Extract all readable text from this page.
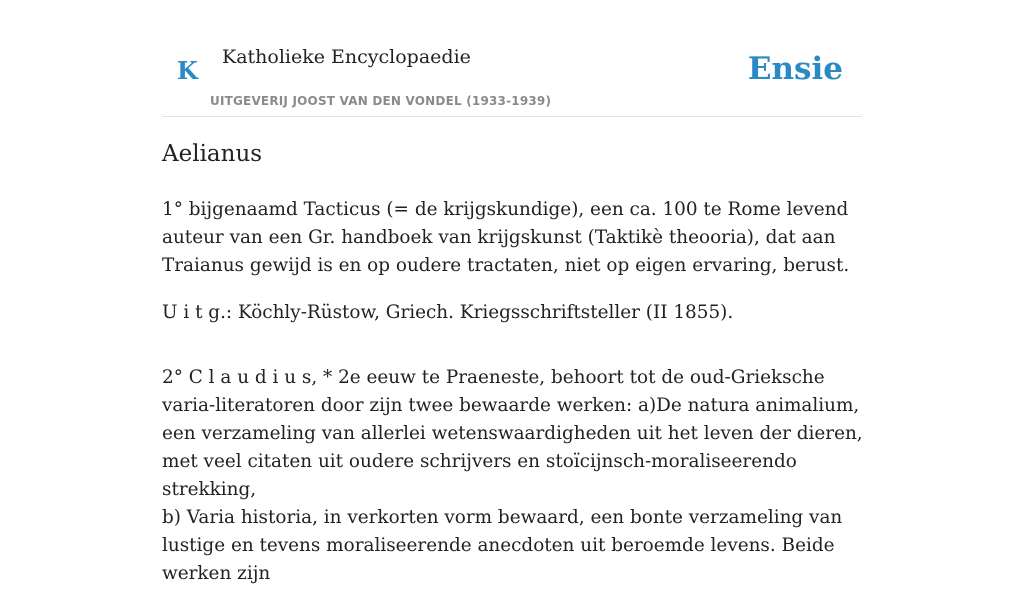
K Katholieke Encyclopaedie
UITGEVERIJ JOOST VAN DEN VONDEL (1933-1939)
Ensie
Aelianus

1° bijgenaamd Tacticus (= de krijgskundige), een ca. 100 te Rome levend auteur van een Gr. handboek van krijgskunst (Taktikè theooria), dat aan Traianus gewijd is en op oudere tractaten, niet op eigen ervaring, berust.

U i t g.: Köchly-Rüstow, Griech. Kriegsschriftsteller (II 1855).

2° C l a u d i u s, * 2e eeuw te Praeneste, behoort tot de oud-Grieksche varia-literatoren door zijn twee bewaarde werken: a)De natura animalium, een verzameling van allerlei wetenswaardigheden uit het leven der dieren, met veel citaten uit oudere schrijvers en stoïcijnsch-moraliseerendo strekking,

b) Varia historia, in verkorten vorm bewaard, een bonte verzameling van lustige en tevens moraliseerende anecdoten uit beroemde levens. Beide werken zijn
